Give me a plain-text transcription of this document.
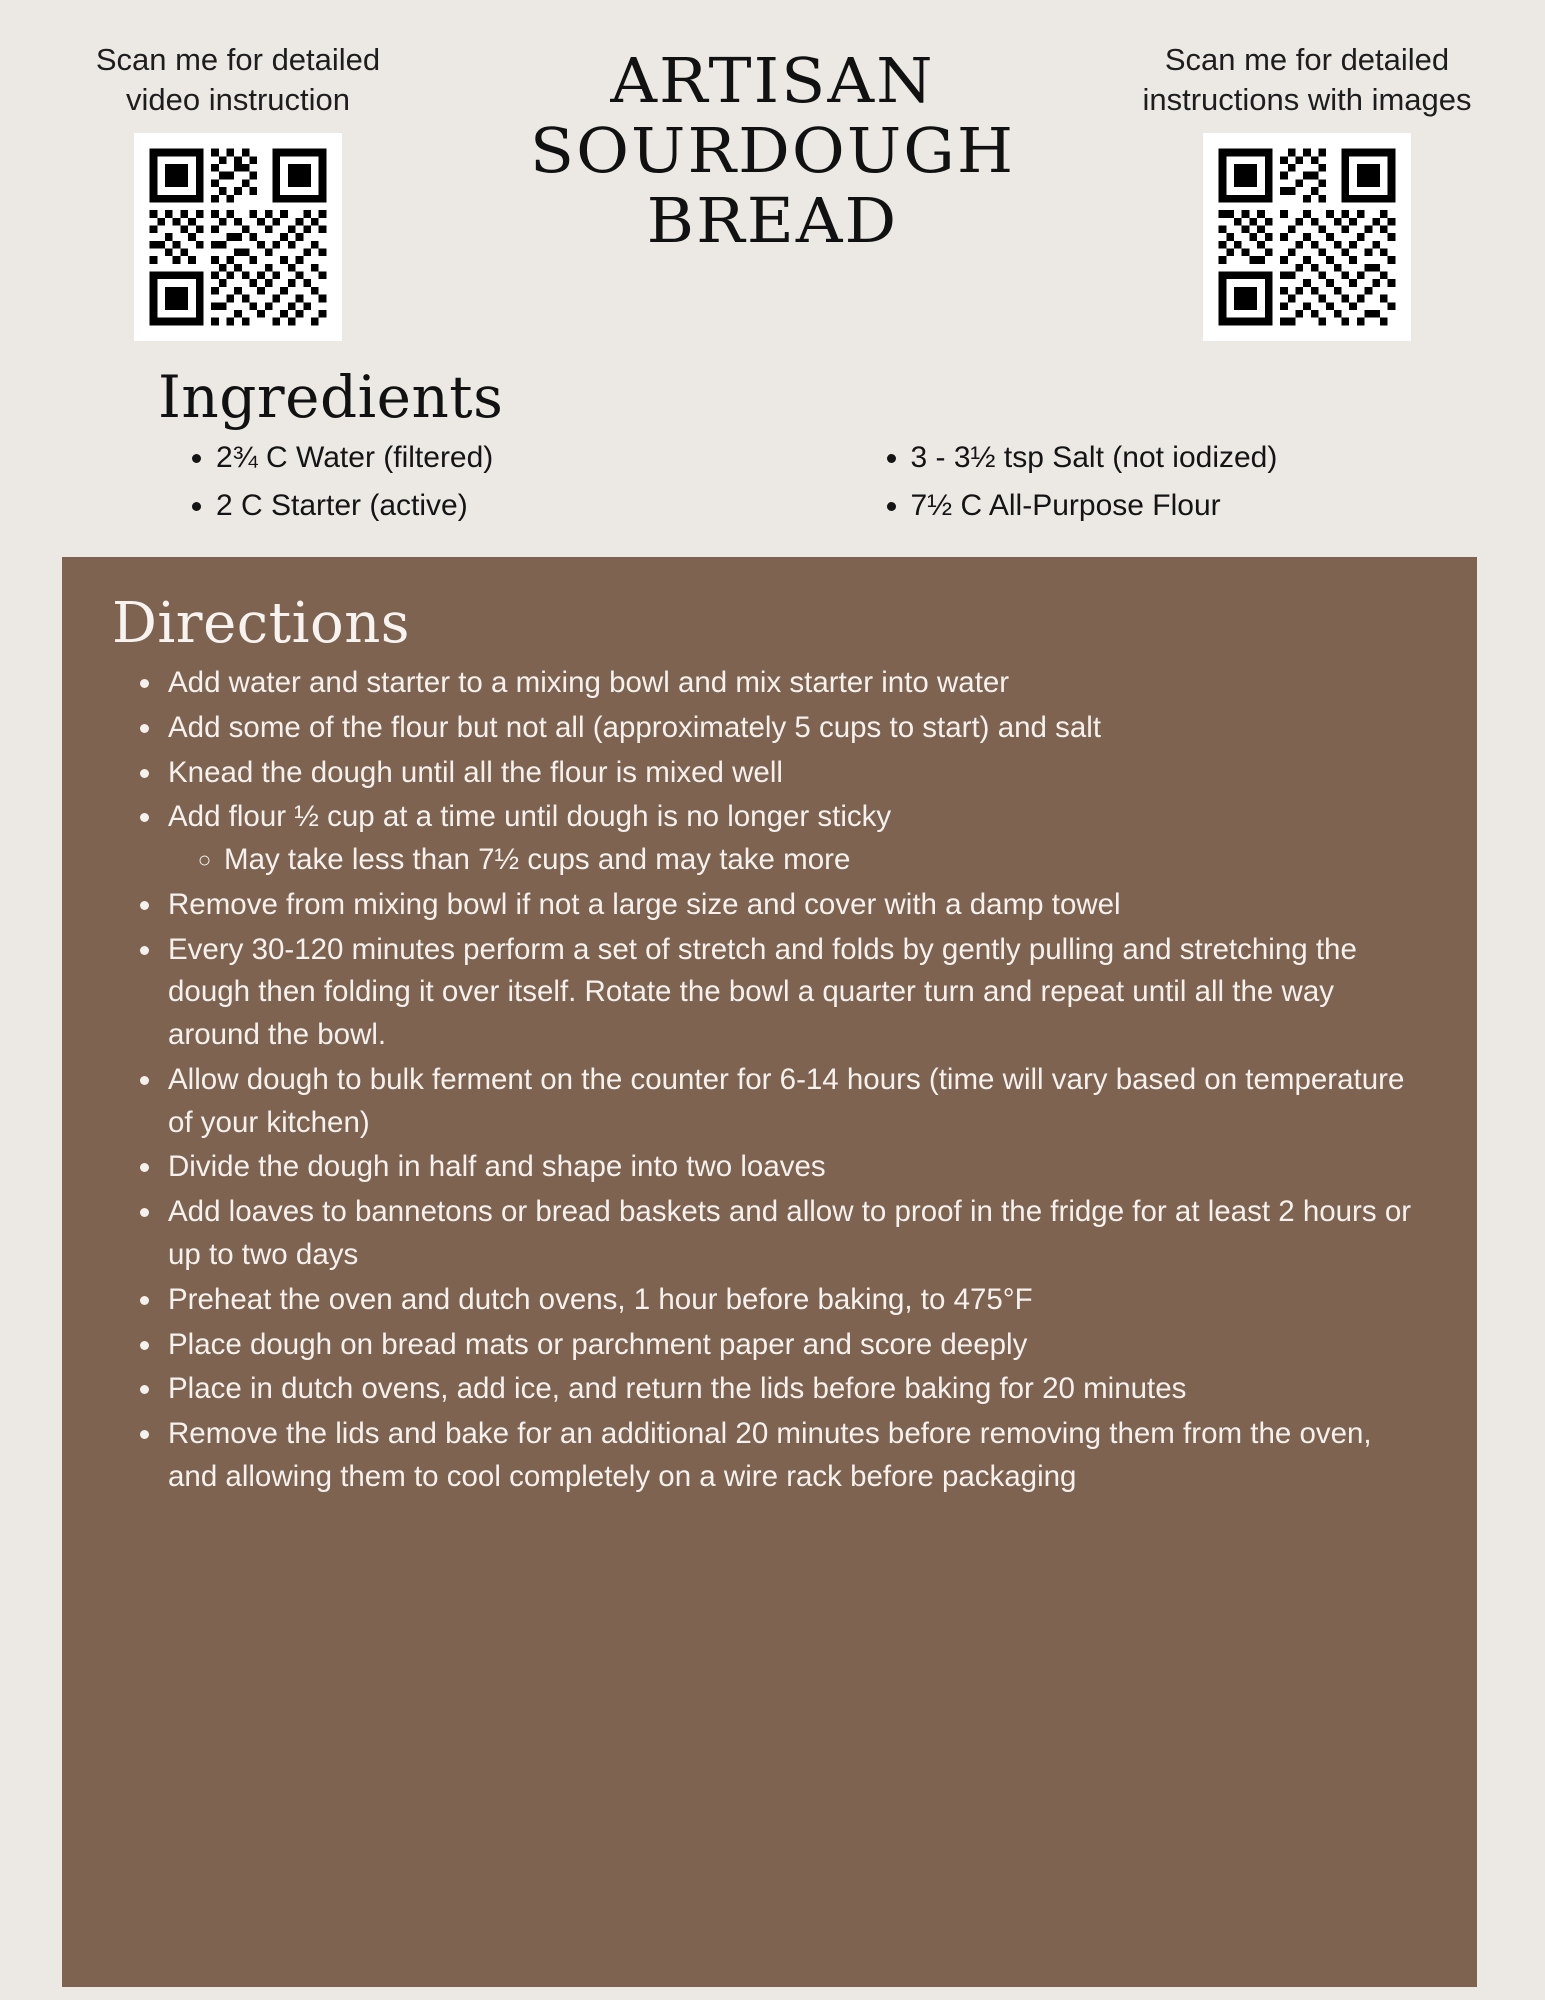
Scan me for detailed video instruction	ARTISAN
SOURDOUGH
BREAD
Scan me for detailed instructions with images
Ingredients
• 2¾ C Water (filtered)
• 2 C Starter (active)
• 3 - 3½ tsp Salt (not iodized)
• 7½ C All-Purpose Flour
Directions
• Add water and starter to a mixing bowl and mix starter into water
• Add some of the flour but not all (approximately 5 cups to start) and salt
• Knead the dough until all the flour is mixed well
• Add flour ½ cup at a time until dough is no longer sticky
◦ May take less than 7½ cups and may take more
• Remove from mixing bowl if not a large size and cover with a damp towel
• Every 30-120 minutes perform a set of stretch and folds by gently pulling and stretching the dough then folding it over itself. Rotate the bowl a quarter turn and repeat until all the way around the bowl.
• Allow dough to bulk ferment on the counter for 6-14 hours (time will vary based on temperature of your kitchen)
• Divide the dough in half and shape into two loaves
• Add loaves to bannetons or bread baskets and allow to proof in the fridge for at least 2 hours or up to two days
• Preheat the oven and dutch ovens, 1 hour before baking, to 475°F
• Place dough on bread mats or parchment paper and score deeply
• Place in dutch ovens, add ice, and return the lids before baking for 20 minutes
• Remove the lids and bake for an additional 20 minutes before removing them from the oven, and allowing them to cool completely on a wire rack before packaging
